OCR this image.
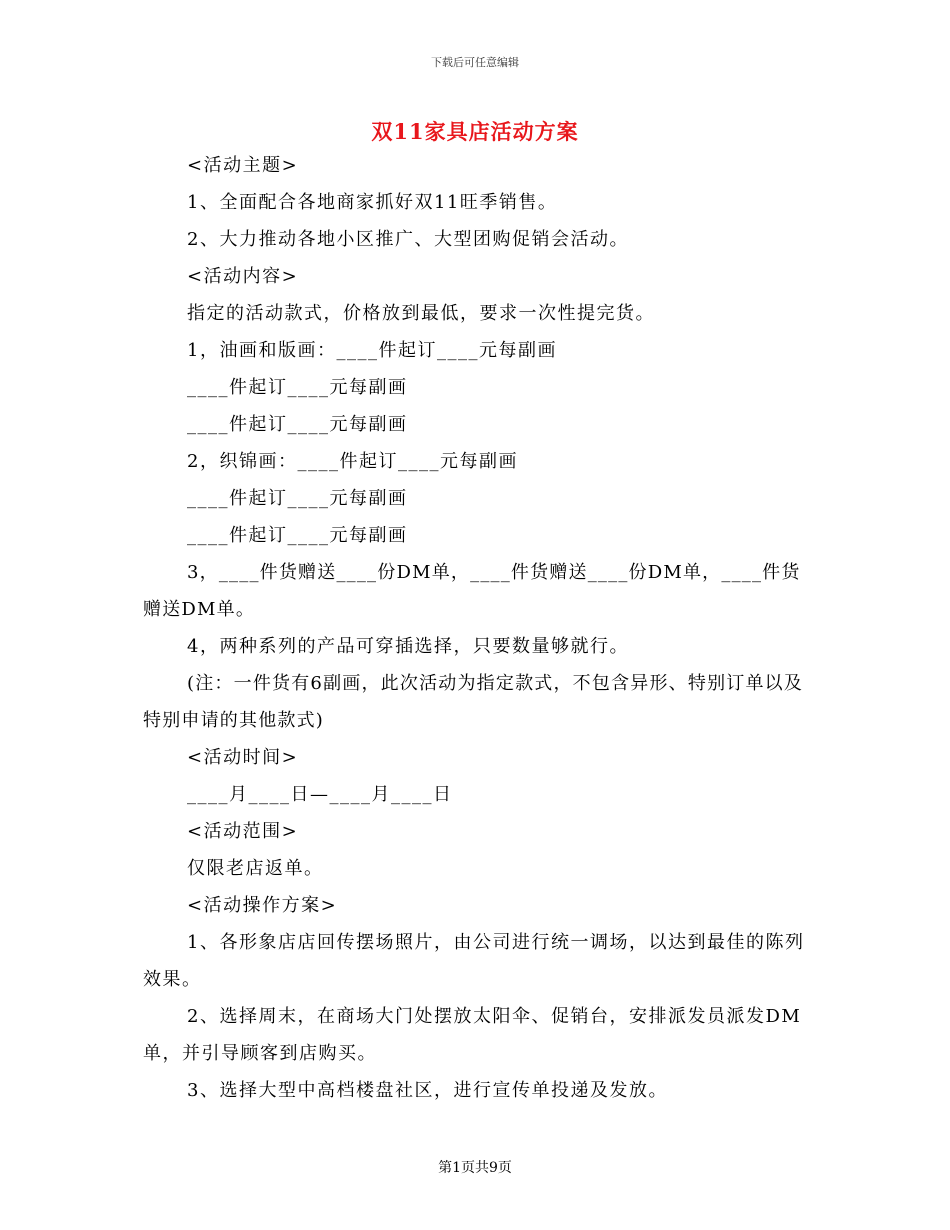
下载后可任意编辑
双11家具店活动方案

<活动主题>

1、全面配合各地商家抓好双11旺季销售。

2、大力推动各地小区推广、大型团购促销会活动。

<活动内容>

指定的活动款式，价格放到最低，要求一次性提完货。

1，油画和版画：____件起订____元每副画

____件起订____元每副画

____件起订____元每副画

2，织锦画：____件起订____元每副画

____件起订____元每副画

____件起订____元每副画

3，____件货赠送____份DM单，____件货赠送____份DM单，____件货赠送DM单。

4，两种系列的产品可穿插选择，只要数量够就行。

(注：一件货有6副画，此次活动为指定款式，不包含异形、特别订单以及特别申请的其他款式)

<活动时间>

____月____日—____月____日

<活动范围>

仅限老店返单。

<活动操作方案>

1、各形象店店回传摆场照片，由公司进行统一调场，以达到最佳的陈列效果。

2、选择周末，在商场大门处摆放太阳伞、促销台，安排派发员派发DM单，并引导顾客到店购买。

3、选择大型中高档楼盘社区，进行宣传单投递及发放。

第1页共9页
